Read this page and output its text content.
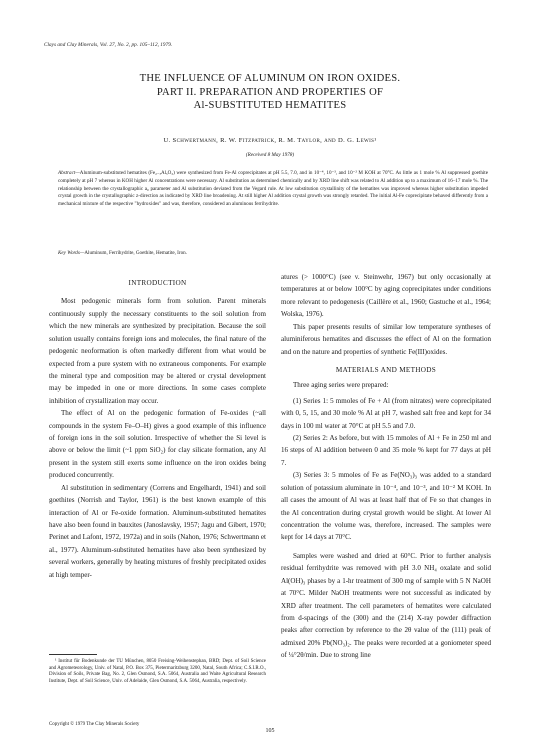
Clays and Clay Minerals, Vol. 27, No. 2, pp. 105–112, 1979.
THE INFLUENCE OF ALUMINUM ON IRON OXIDES.
PART II. PREPARATION AND PROPERTIES OF
Al-SUBSTITUTED HEMATITES
U. Schwertmann, R. W. Fitzpatrick, R. M. Taylor, and D. G. Lewis¹
(Received 8 May 1978)
Abstract—Aluminum-substituted hematites (Fe₂₋ₓAlₓO₃) were synthesized from Fe-Al coprecipitates at pH 5.5, 7.0, and in 10⁻⁴, 10⁻³, and 10⁻² M KOH at 70°C. As little as 1 mole % Al suppressed goethite completely at pH 7 whereas in KOH higher Al concentrations were necessary. Al substitution as determined chemically and by XRD line shift was related to Al addition up to a maximum of 16–17 mole %. The relationship between the crystallographic a₀ parameter and Al substitution deviated from the Vegard rule. At low substitution crystallinity of the hematites was improved whereas higher substitution impeded crystal growth in the crystallographic z-direction as indicated by XRD line broadening. At still higher Al addition crystal growth was strongly retarded. The initial Al-Fe coprecipitate behaved differently from a mechanical mixture of the respective "hydroxides" and was, therefore, considered an aluminous ferrihydrite.
Key Words—Aluminum, Ferrihydrite, Goethite, Hematite, Iron.

INTRODUCTION

Most pedogenic minerals form from solution. Parent minerals continuously supply the necessary constituents to the soil solution from which the new minerals are synthesized by precipitation. Because the soil solution usually contains foreign ions and molecules, the final nature of the pedogenic neoformation is often markedly different from what would be expected from a pure system with no extraneous components. For example the mineral type and composition may be altered or crystal development may be impeded in one or more directions. In some cases complete inhibition of crystallization may occur.

The effect of Al on the pedogenic formation of Fe-oxides (~all compounds in the system Fe–O–H) gives a good example of this influence of foreign ions in the soil solution. Irrespective of whether the Si level is above or below the limit (~1 ppm SiO₂) for clay silicate formation, any Al present in the system still exerts some influence on the iron oxides being produced concurrently.

Al substitution in sedimentary (Correns and Engelhardt, 1941) and soil goethites (Norrish and Taylor, 1961) is the best known example of this interaction of Al or Fe-oxide formation. Aluminum-substituted hematites have also been found in bauxites (Janoslavsky, 1957; Jagu and Gibert, 1970; Perinet and Lafont, 1972, 1972a) and in soils (Nahon, 1976; Schwertmann et al., 1977). Aluminum-substituted hematites have also been synthesized by several workers, generally by heating mixtures of freshly precipitated oxides at high temper-

atures (> 1000°C) (see v. Steinwehr, 1967) but only occasionally at temperatures at or below 100°C by aging coprecipitates under conditions more relevant to pedogenesis (Caillère et al., 1960; Gastuche et al., 1964; Wolska, 1976).

This paper presents results of similar low temperature syntheses of aluminiferous hematites and discusses the effect of Al on the formation and on the nature and properties of synthetic Fe(III)oxides.

MATERIALS AND METHODS

Three aging series were prepared:

(1) Series 1: 5 mmoles of Fe + Al (from nitrates) were coprecipitated with 0, 5, 15, and 30 mole % Al at pH 7, washed salt free and kept for 34 days in 100 ml water at 70°C at pH 5.5 and 7.0.

(2) Series 2: As before, but with 15 mmoles of Al + Fe in 250 ml and 16 steps of Al addition between 0 and 35 mole % kept for 77 days at pH 7.

(3) Series 3: 5 mmoles of Fe as Fe(NO₃)₃ was added to a standard solution of potassium aluminate in 10⁻⁴, and 10⁻³, and 10⁻² M KOH. In all cases the amount of Al was at least half that of Fe so that changes in the Al concentration during crystal growth would be slight. At lower Al concentration the volume was, therefore, increased. The samples were kept for 14 days at 70°C.

Samples were washed and dried at 60°C. Prior to further analysis residual ferrihydrite was removed with pH 3.0 NH₄ oxalate and solid Al(OH)₃ phases by a 1-hr treatment of 300 mg of sample with 5 N NaOH at 70°C. Milder NaOH treatments were not successful as indicated by XRD after treatment. The cell parameters of hematites were calculated from d-spacings of the (300) and the (214) X-ray powder diffraction peaks after correction by reference to the 2θ value of the (111) peak of admixed 20% Pb(NO₃)₂. The peaks were recorded at a goniometer speed of ¼°2θ/min. Due to strong line

¹ Institut für Bodenkunde der TU München, 8050 Freising-Weihenstephan, BRD; Dept. of Soil Science and Agrometeorology, Univ. of Natal, P.O. Box 375, Pietermaritzburg 3200, Natal, South Africa; C.S.I.R.O., Division of Soils, Private Bag, No. 2, Glen Osmond, S.A. 5064, Australia and Waite Agricultural Research Institute, Dept. of Soil Science, Univ. of Adelaide, Glen Osmond, S.A. 5064, Australia, respectively.

Copyright © 1979 The Clay Minerals Society
105
